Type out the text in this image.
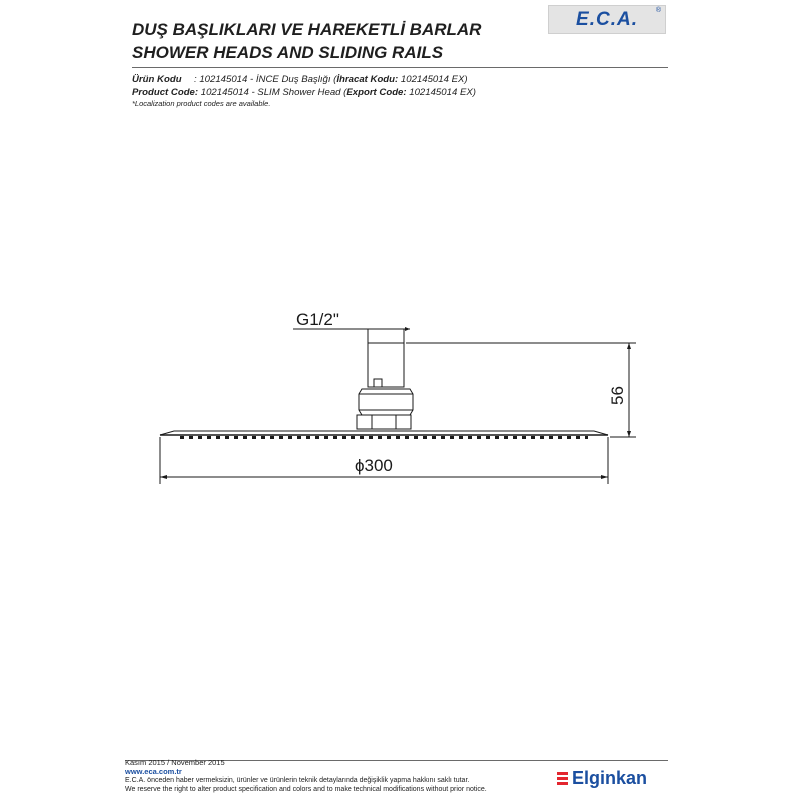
DUŞ BAŞLIKLARI VE HAREKETLİ BARLAR
SHOWER HEADS AND SLIDING RAILS
E.C.A.	®
Ürün Kodu : 102145014 - İNCE Duş Başlığı (İhracat Kodu: 102145014 EX)
Product Code: 102145014 - SLIM Shower Head (Export Code: 102145014 EX)
*Localization product codes are available.
G1/2"
56
ϕ300
Kasım 2015 / November 2015
www.eca.com.tr
E.C.A. önceden haber vermeksizin, ürünler ve ürünlerin teknik detaylarında değişiklik yapma hakkını saklı tutar.
We reserve the right to alter product specification and colors and to make technical modifications without prior notice.
Elginkan
